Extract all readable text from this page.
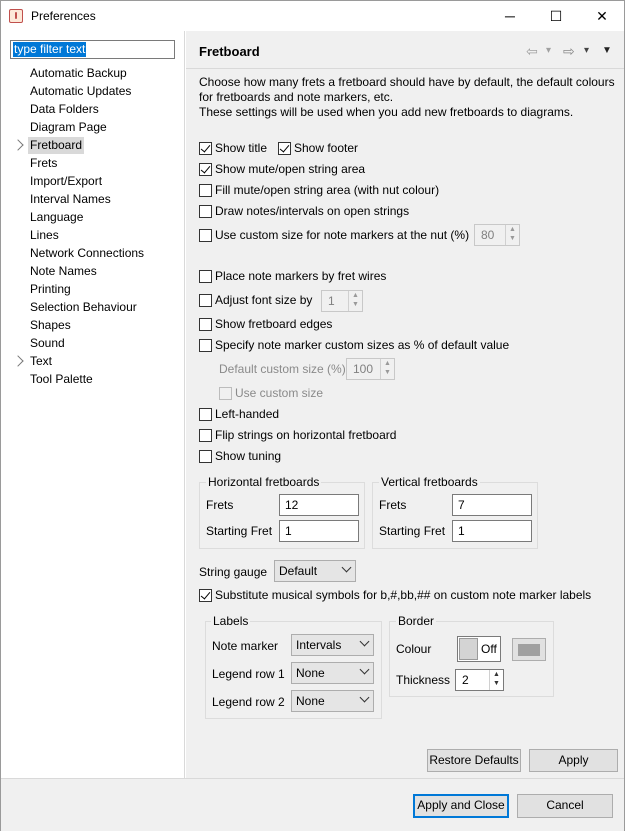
Preferences	─	☐	✕
type filter text
Automatic Backup
Automatic Updates
Data Folders
Diagram Page
Fretboard
Frets
Import/Export
Interval Names
Language
Lines
Network Connections
Note Names
Printing
Selection Behaviour
Shapes
Sound
Text
Tool Palette
Fretboard	⇦ ▾ ⇨ ▾ ▼
Choose how many frets a fretboard should have by default, the default colours
for fretboards and note markers, etc.
These settings will be used when you add new fretboards to diagrams.
Show title Show footer
Show mute/open string area
Fill mute/open string area (with nut colour)
Draw notes/intervals on open strings
Use custom size for note markers at the nut (%) 80	▲
▼
Place note markers by fret wires
Adjust font size by 1	▲
▼
Show fretboard edges
Specify note marker custom sizes as % of default value
Default custom size (%) 100	▲
▼
Use custom size
Left-handed
Flip strings on horizontal fretboard
Show tuning
Horizontal fretboards
Frets	12
Starting Fret	1
Vertical fretboards
Frets	7
Starting Fret	1
String gauge Default
Substitute musical symbols for b,#,bb,## on custom note marker labels
Labels
Note marker	Intervals
Legend row 1 None
Legend row 2 None
Border
Colour	Off
Thickness 2	▲
▼
Restore Defaults	Apply
Apply and Close	Cancel
